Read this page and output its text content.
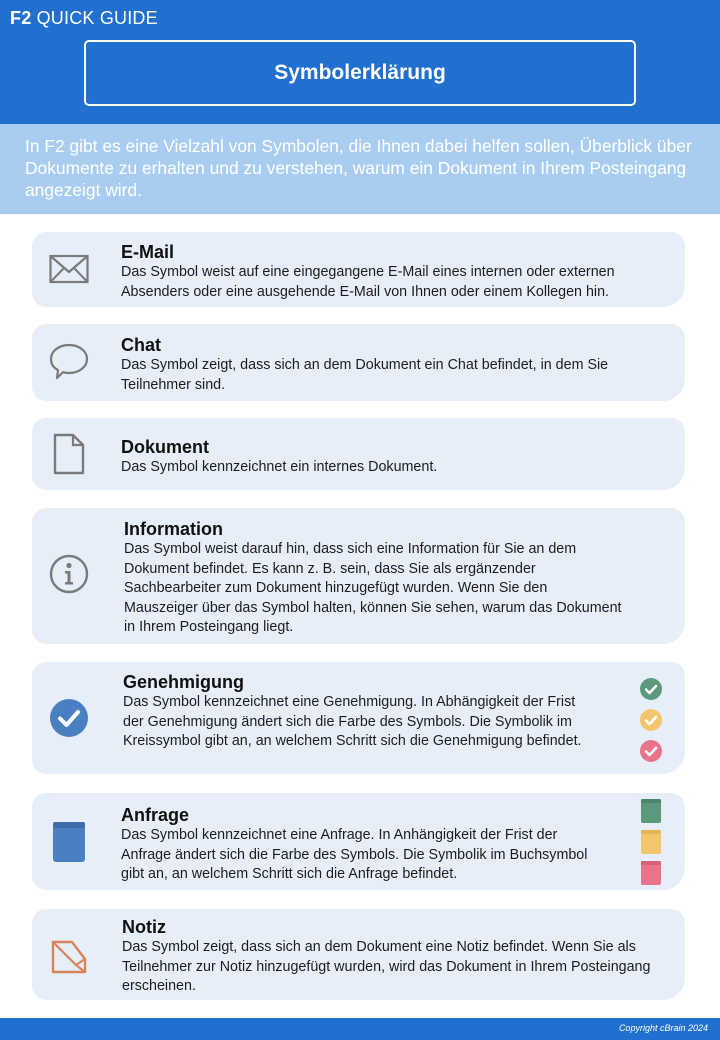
F2 QUICK GUIDE
Symbolerklärung
In F2 gibt es eine Vielzahl von Symbolen, die Ihnen dabei helfen sollen, Überblick über Dokumente zu erhalten und zu verstehen, warum ein Dokument in Ihrem Posteingang angezeigt wird.
E-Mail

Das Symbol weist auf eine eingegangene E-Mail eines internen oder externen Absenders oder eine ausgehende E-Mail von Ihnen oder einem Kollegen hin.

Chat

Das Symbol zeigt, dass sich an dem Dokument ein Chat befindet, in dem Sie Teilnehmer sind.

Dokument

Das Symbol kennzeichnet ein internes Dokument.

Information

Das Symbol weist darauf hin, dass sich eine Information für Sie an dem Dokument befindet. Es kann z. B. sein, dass Sie als ergänzender Sachbearbeiter zum Dokument hinzugefügt wurden. Wenn Sie den Mauszeiger über das Symbol halten, können Sie sehen, warum das Dokument in Ihrem Posteingang liegt.

Genehmigung

Das Symbol kennzeichnet eine Genehmigung. In Abhängigkeit der Frist der Genehmigung ändert sich die Farbe des Symbols. Die Symbolik im Kreissymbol gibt an, an welchem Schritt sich die Genehmigung befindet.

Anfrage

Das Symbol kennzeichnet eine Anfrage. In Anhängigkeit der Frist der Anfrage ändert sich die Farbe des Symbols. Die Symbolik im Buchsymbol gibt an, an welchem Schritt sich die Anfrage befindet.

Notiz

Das Symbol zeigt, dass sich an dem Dokument eine Notiz befindet. Wenn Sie als Teilnehmer zur Notiz hinzugefügt wurden, wird das Dokument in Ihrem Posteingang erscheinen.

Copyright cBrain 2024
